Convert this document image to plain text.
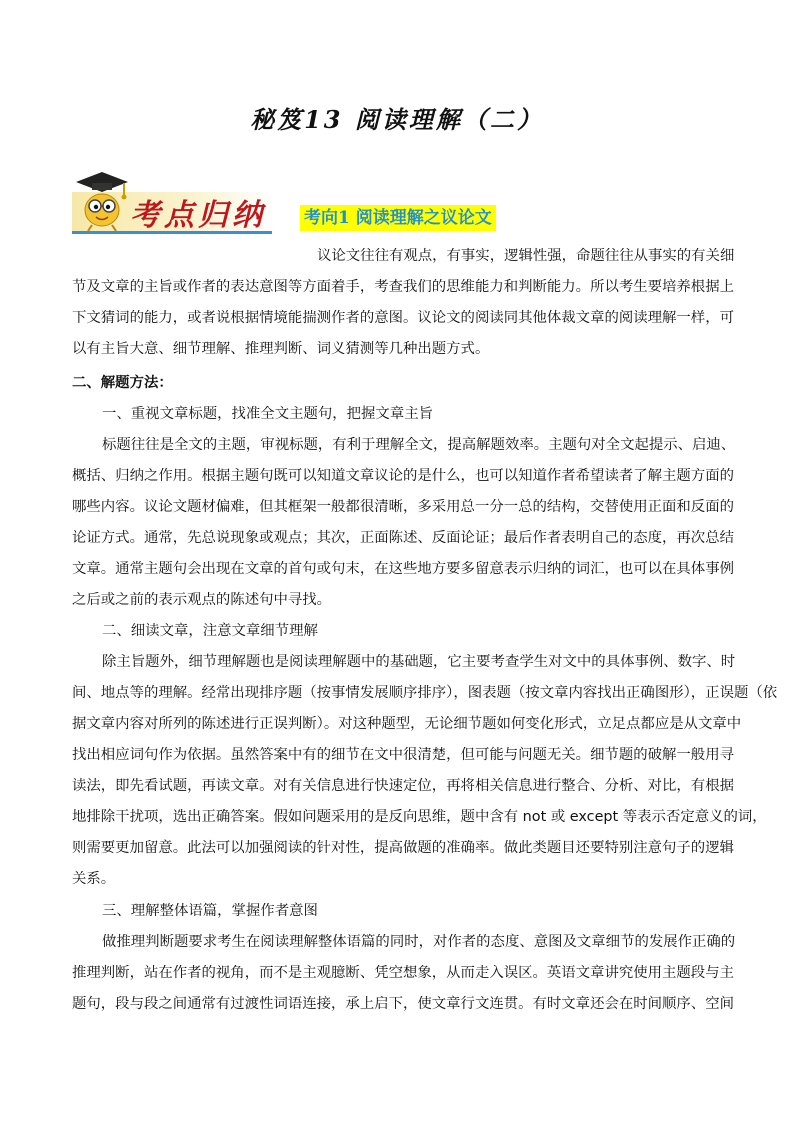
秘笈13 阅读理解（二）
考点归纳 考向1 阅读理解之议论文
议论文往往有观点，有事实，逻辑性强，命题往往从事实的有关细
节及文章的主旨或作者的表达意图等方面着手，考查我们的思维能力和判断能力。所以考生要培养根据上
下文猜词的能力，或者说根据情境能揣测作者的意图。议论文的阅读同其他体裁文章的阅读理解一样，可
以有主旨大意、细节理解、推理判断、词义猜测等几种出题方式。
二、解题方法：
一、重视文章标题，找准全文主题句，把握文章主旨
标题往往是全文的主题，审视标题，有利于理解全文，提高解题效率。主题句对全文起提示、启迪、
概括、归纳之作用。根据主题句既可以知道文章议论的是什么，也可以知道作者希望读者了解主题方面的
哪些内容。议论文题材偏难，但其框架一般都很清晰，多采用总一分一总的结构，交替使用正面和反面的
论证方式。通常，先总说现象或观点；其次，正面陈述、反面论证；最后作者表明自己的态度，再次总结
文章。通常主题句会出现在文章的首句或句末，在这些地方要多留意表示归纳的词汇，也可以在具体事例
之后或之前的表示观点的陈述句中寻找。
二、细读文章，注意文章细节理解
除主旨题外，细节理解题也是阅读理解题中的基础题，它主要考查学生对文中的具体事例、数字、时
间、地点等的理解。经常出现排序题（按事情发展顺序排序），图表题（按文章内容找出正确图形），正误题（依
据文章内容对所列的陈述进行正误判断）。对这种题型，无论细节题如何变化形式，立足点都应是从文章中
找出相应词句作为依据。虽然答案中有的细节在文中很清楚，但可能与问题无关。细节题的破解一般用寻
读法，即先看试题，再读文章。对有关信息进行快速定位，再将相关信息进行整合、分析、对比，有根据
地排除干扰项，选出正确答案。假如问题采用的是反向思维，题中含有 not 或 except 等表示否定意义的词，
则需要更加留意。此法可以加强阅读的针对性，提高做题的准确率。做此类题目还要特别注意句子的逻辑
关系。
三、理解整体语篇，掌握作者意图
做推理判断题要求考生在阅读理解整体语篇的同时，对作者的态度、意图及文章细节的发展作正确的
推理判断，站在作者的视角，而不是主观臆断、凭空想象，从而走入误区。英语文章讲究使用主题段与主
题句，段与段之间通常有过渡性词语连接，承上启下，使文章行文连贯。有时文章还会在时间顺序、空间
